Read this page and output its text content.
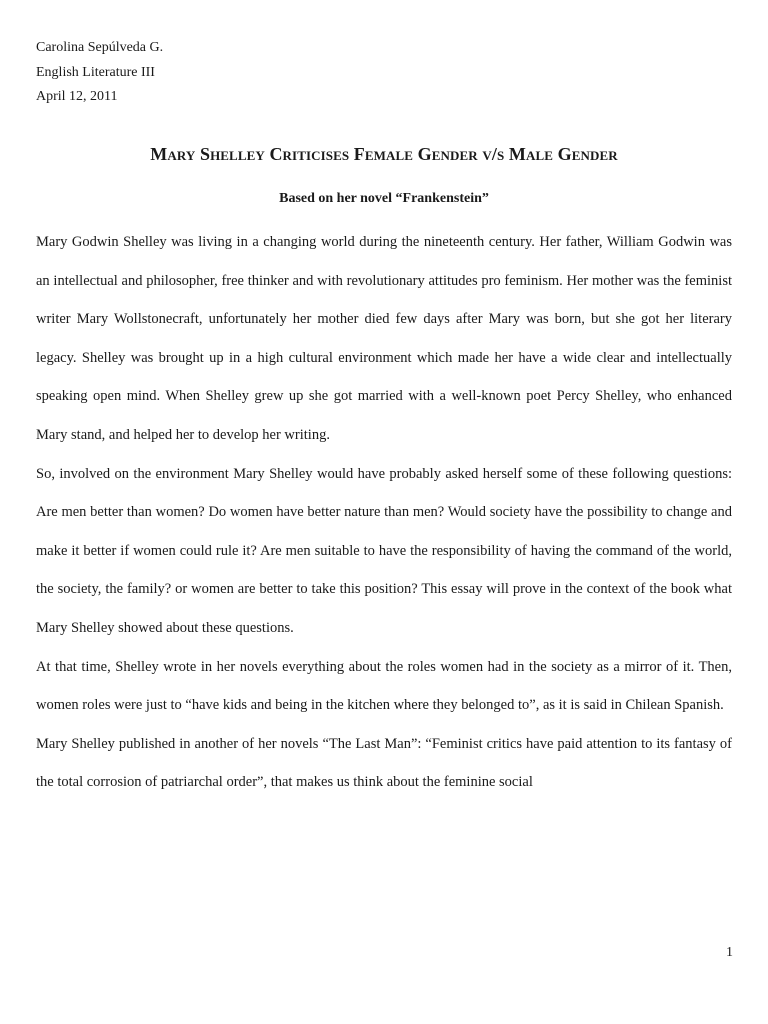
Carolina Sepúlveda G.
English Literature III
April 12, 2011
Mary Shelley Criticises Female Gender v/s Male Gender
Based on her novel “Frankenstein”

Mary Godwin Shelley was living in a changing world during the nineteenth century. Her father, William Godwin was an intellectual and philosopher, free thinker and with revolutionary attitudes pro feminism. Her mother was the feminist writer Mary Wollstonecraft, unfortunately her mother died few days after Mary was born, but she got her literary legacy. Shelley was brought up in a high cultural environment which made her have a wide clear and intellectually speaking open mind. When Shelley grew up she got married with a well-known poet Percy Shelley, who enhanced Mary stand, and helped her to develop her writing.

So, involved on the environment Mary Shelley would have probably asked herself some of these following questions: Are men better than women? Do women have better nature than men? Would society have the possibility to change and make it better if women could rule it? Are men suitable to have the responsibility of having the command of the world, the society, the family? or women are better to take this position? This essay will prove in the context of the book what Mary Shelley showed about these questions.

At that time, Shelley wrote in her novels everything about the roles women had in the society as a mirror of it. Then, women roles were just to “have kids and being in the kitchen where they belonged to”, as it is said in Chilean Spanish.

Mary Shelley published in another of her novels “The Last Man”: “Feminist critics have paid attention to its fantasy of the total corrosion of patriarchal order”, that makes us think about the feminine social

1
